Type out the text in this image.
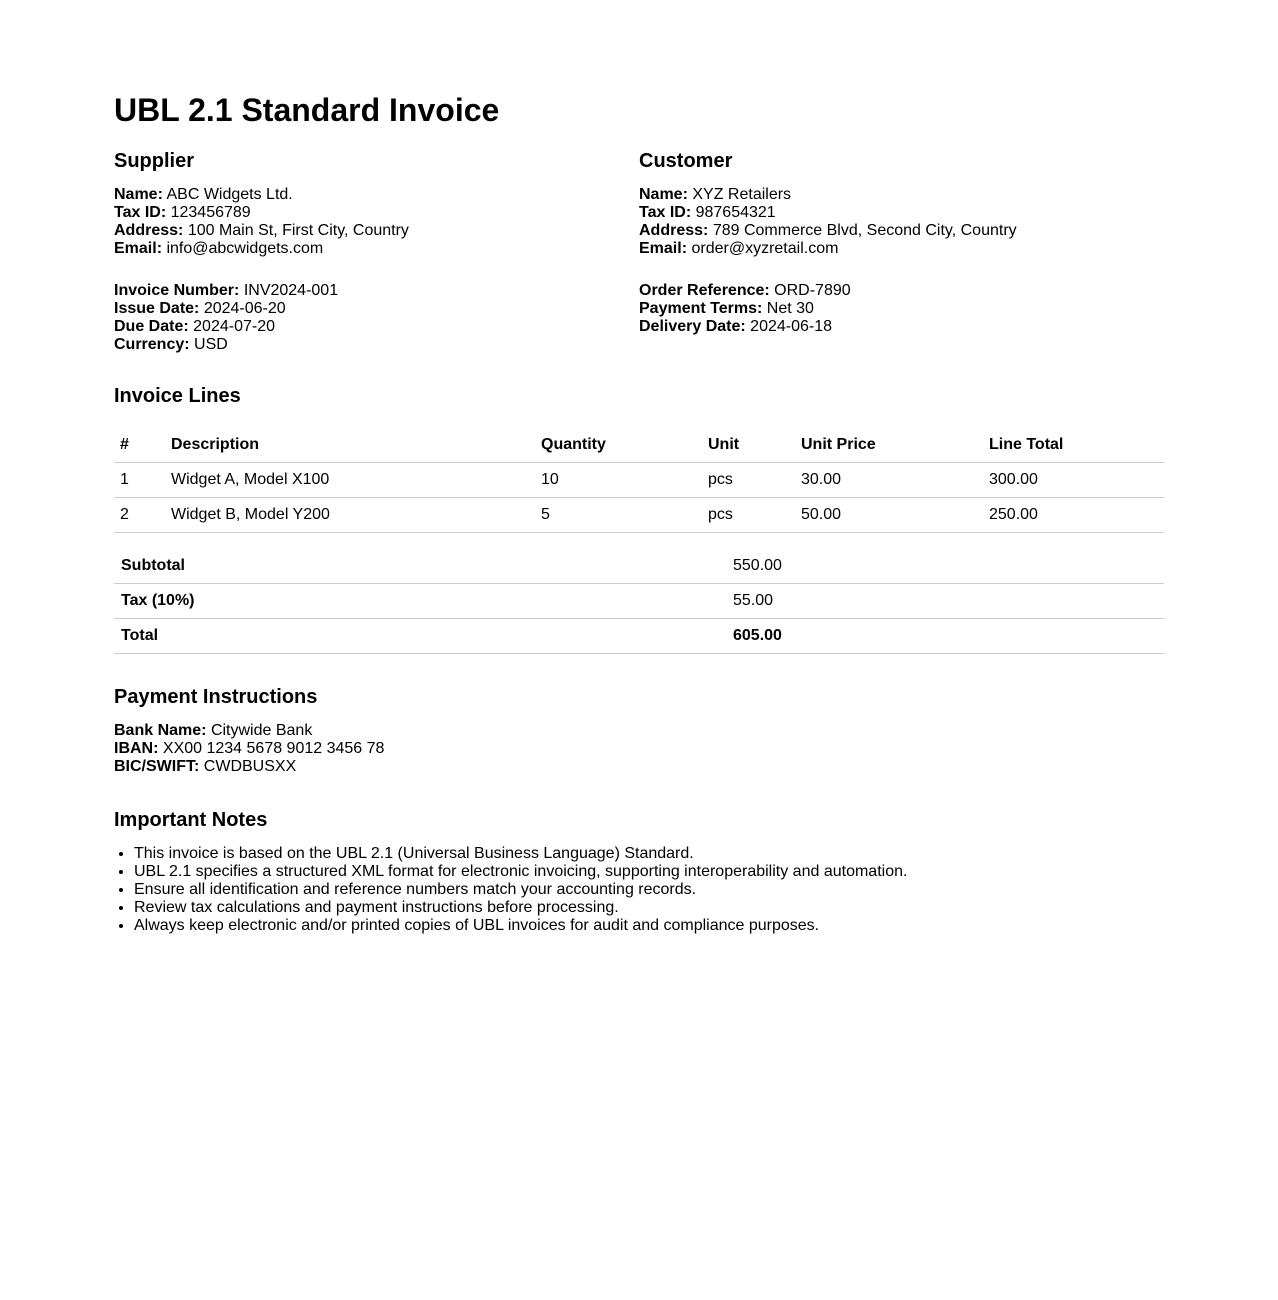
UBL 2.1 Standard Invoice
Supplier
Name: ABC Widgets Ltd.
Tax ID: 123456789
Address: 100 Main St, First City, Country
Email: info@abcwidgets.com
Invoice Number: INV2024-001
Issue Date: 2024-06-20
Due Date: 2024-07-20
Currency: USD
Customer
Name: XYZ Retailers
Tax ID: 987654321
Address: 789 Commerce Blvd, Second City, Country
Email: order@xyzretail.com
Order Reference: ORD-7890
Payment Terms: Net 30
Delivery Date: 2024-06-18
Invoice Lines
#	Description	Quantity	Unit	Unit Price	Line Total
1	Widget A, Model X100	10	pcs	30.00	300.00
2	Widget B, Model Y200	5	pcs	50.00	250.00
Subtotal	550.00
Tax (10%)	55.00
Total	605.00
Payment Instructions
Bank Name: Citywide Bank
IBAN: XX00 1234 5678 9012 3456 78
BIC/SWIFT: CWDBUSXX
Important Notes
• This invoice is based on the UBL 2.1 (Universal Business Language) Standard.
• UBL 2.1 specifies a structured XML format for electronic invoicing, supporting interoperability and automation.
• Ensure all identification and reference numbers match your accounting records.
• Review tax calculations and payment instructions before processing.
• Always keep electronic and/or printed copies of UBL invoices for audit and compliance purposes.
